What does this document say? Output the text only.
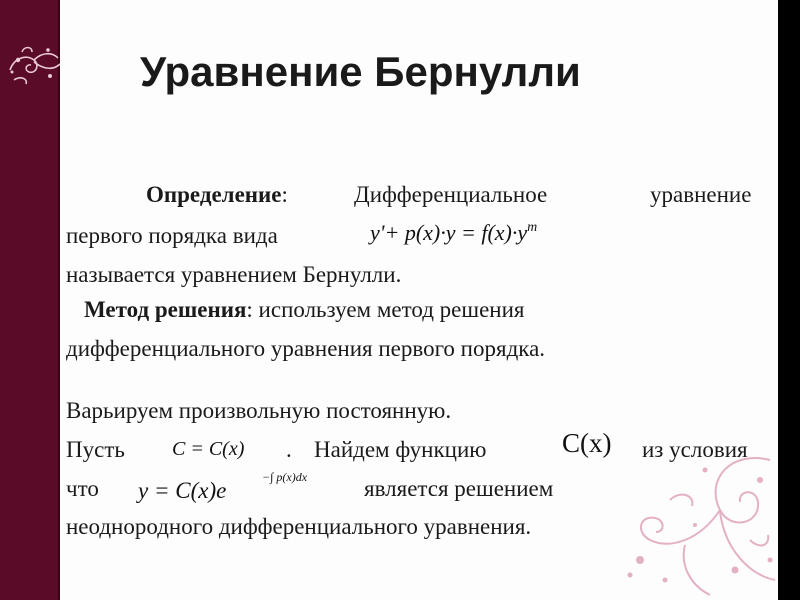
Уравнение Бернулли
Определение:	Дифференциальное	уравнение
первого порядка вида	$y'+ p(x)\cdot y = f(x)\cdot y^m$
называется уравнением Бернулли.
Метод решения: используем метод решения
дифференциального уравнения первого порядка.
Варьируем произвольную постоянную.
Пусть C = C(x) . Найдем функцию	C(x) из условия
что y = C(x)e
−∫ p(x)dx является решением
неоднородного дифференциального уравнения.
